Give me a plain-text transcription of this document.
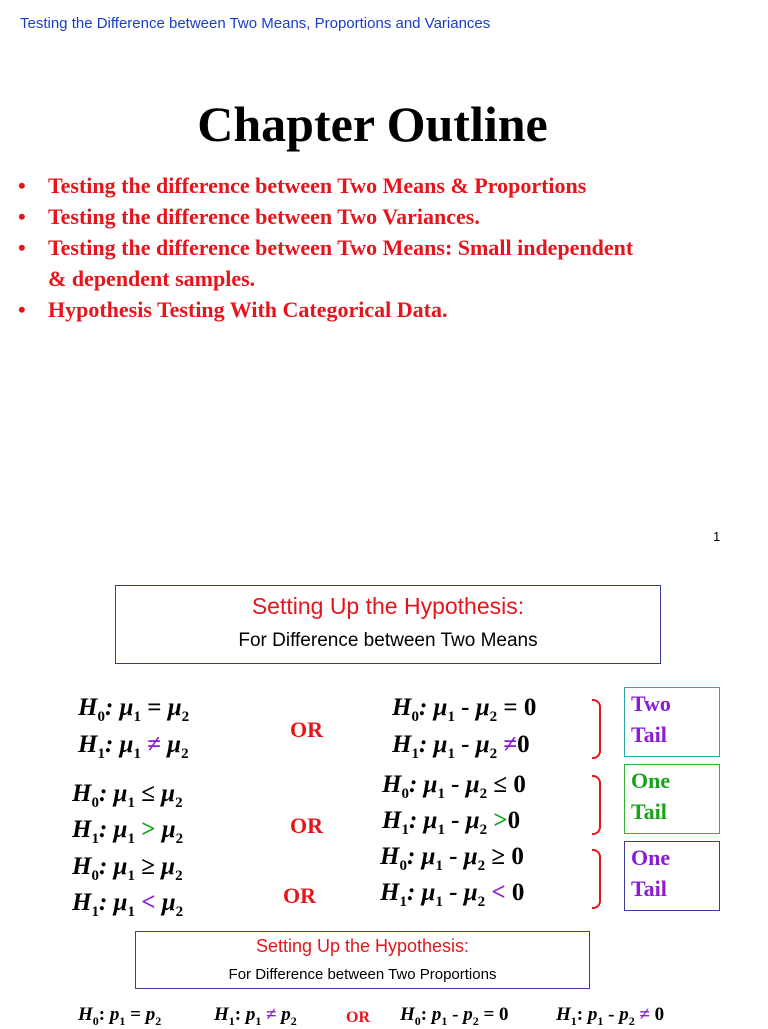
Testing the Difference between Two Means, Proportions and Variances
Chapter Outline
•	Testing the difference between Two Means & Proportions
•	Testing the difference between Two Variances.
•	Testing the difference between Two Means: Small independent
& dependent samples.
•	Hypothesis Testing With Categorical Data.
1
Setting Up the Hypothesis:
For Difference between Two Means
$H_0$: $\mu_1 = \mu_2$
$H_1$: $\mu_1 \ne \mu_2$
OR
$H_0$: $\mu_1 - \mu_2 = 0$
$H_1$: $\mu_1 - \mu_2 \ne 0$
Two
Tail
$H_0$: $\mu_1 \le \mu_2$
$H_1$: $\mu_1 > \mu_2$
OR
$H_0$: $\mu_1 - \mu_2 \le 0$
$H_1$: $\mu_1 - \mu_2 >0$
One
Tail
$H_0$: $\mu_1 \ge \mu_2$
$H_1$: $\mu_1 < \mu_2$
OR
$H_0$: $\mu_1 - \mu_2 \ge 0$
$H_1$: $\mu_1 - \mu_2 < 0$
One
Tail
Setting Up the Hypothesis:
For Difference between Two Proportions
$H_0$: $p_1 = p_2$	$H_1$: $p_1 \ne p_2$	OR $H_0$: $p_1 - p_2 = 0$ $H_1$: $p_1 - p_2 \ne 0$
